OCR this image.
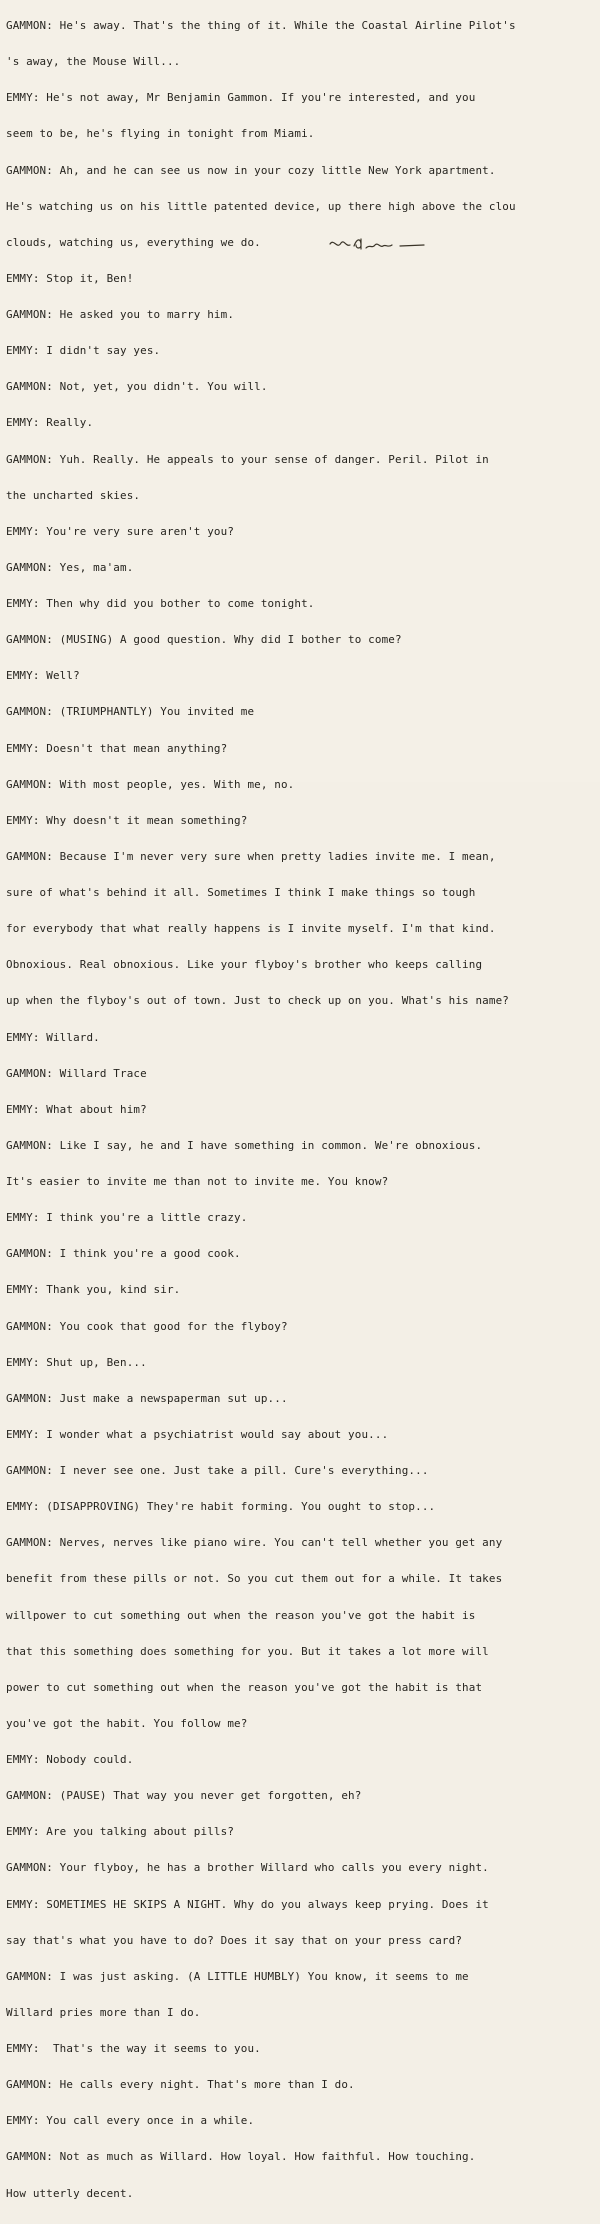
GAMMON: He's away. That's the thing of it. While the Coastal Airline Pilot's

's away, the Mouse Will...

EMMY: He's not away, Mr Benjamin Gammon. If you're interested, and you

seem to be, he's flying in tonight from Miami.

GAMMON: Ah, and he can see us now in your cozy little New York apartment.

He's watching us on his little patented device, up there high above the clou

clouds, watching us, everything we do.

EMMY: Stop it, Ben!

GAMMON: He asked you to marry him.

EMMY: I didn't say yes.

GAMMON: Not, yet, you didn't. You will.

EMMY: Really.

GAMMON: Yuh. Really. He appeals to your sense of danger. Peril. Pilot in

the uncharted skies.

EMMY: You're very sure aren't you?

GAMMON: Yes, ma'am.

EMMY: Then why did you bother to come tonight.

GAMMON: (MUSING) A good question. Why did I bother to come?

EMMY: Well?

GAMMON: (TRIUMPHANTLY) You invited me

EMMY: Doesn't that mean anything?

GAMMON: With most people, yes. With me, no.

EMMY: Why doesn't it mean something?

GAMMON: Because I'm never very sure when pretty ladies invite me. I mean,

sure of what's behind it all. Sometimes I think I make things so tough

for everybody that what really happens is I invite myself. I'm that kind.

Obnoxious. Real obnoxious. Like your flyboy's brother who keeps calling

up when the flyboy's out of town. Just to check up on you. What's his name?

EMMY: Willard.

GAMMON: Willard Trace

EMMY: What about him?

GAMMON: Like I say, he and I have something in common. We're obnoxious.

It's easier to invite me than not to invite me. You know?

EMMY: I think you're a little crazy.

GAMMON: I think you're a good cook.

EMMY: Thank you, kind sir.

GAMMON: You cook that good for the flyboy?

EMMY: Shut up, Ben...

GAMMON: Just make a newspaperman sut up...

EMMY: I wonder what a psychiatrist would say about you...

GAMMON: I never see one. Just take a pill. Cure's everything...

EMMY: (DISAPPROVING) They're habit forming. You ought to stop...

GAMMON: Nerves, nerves like piano wire. You can't tell whether you get any

benefit from these pills or not. So you cut them out for a while. It takes

willpower to cut something out when the reason you've got the habit is

that this something does something for you. But it takes a lot more will

power to cut something out when the reason you've got the habit is that

you've got the habit. You follow me?

EMMY: Nobody could.

GAMMON: (PAUSE) That way you never get forgotten, eh?

EMMY: Are you talking about pills?

GAMMON: Your flyboy, he has a brother Willard who calls you every night.

EMMY: SOMETIMES HE SKIPS A NIGHT. Why do you always keep prying. Does it

say that's what you have to do? Does it say that on your press card?

GAMMON: I was just asking. (A LITTLE HUMBLY) You know, it seems to me

Willard pries more than I do.

EMMY:  That's the way it seems to you.

GAMMON: He calls every night. That's more than I do.

EMMY: You call every once in a while.

GAMMON: Not as much as Willard. How loyal. How faithful. How touching.

How utterly decent.
